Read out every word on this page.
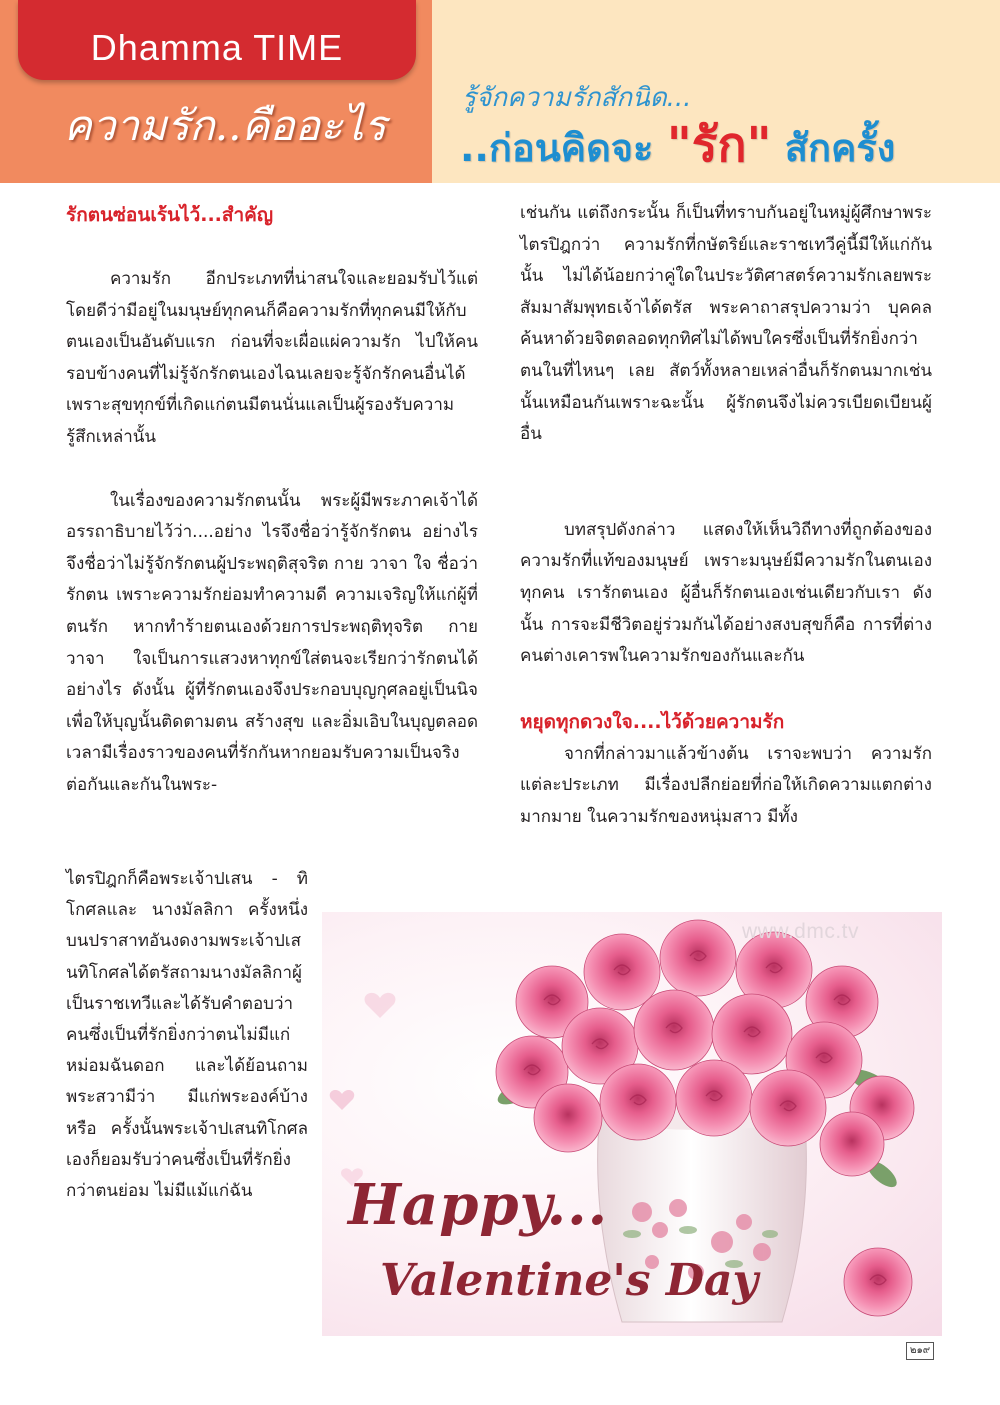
Dhamma TIME
ความรัก..คืออะไร
รู้จักความรักสักนิด...
..ก่อนคิดจะ "รัก" สักครั้ง

รักตนซ่อนเร้นไว้...สำคัญ

ความรัก อีกประเภทที่น่าสนใจและยอมรับไว้แต่โดยดีว่ามีอยู่ในมนุษย์ทุกคนก็คือความรักที่ทุกคนมีให้กับตนเองเป็นอันดับแรก ก่อนที่จะเผื่อแผ่ความรัก ไปให้คนรอบข้างคนที่ไม่รู้จักรักตนเองไฉนเลยจะรู้จักรักคนอื่นได้ เพราะสุขทุกข์ที่เกิดแก่ตนมีตนนั่นแลเป็นผู้รองรับความรู้สึกเหล่านั้น

ในเรื่องของความรักตนนั้น พระผู้มีพระภาคเจ้าได้อรรถาธิบายไว้ว่า....อย่าง ไรจึงชื่อว่ารู้จักรักตน อย่างไรจึงชื่อว่าไม่รู้จักรักตนผู้ประพฤติสุจริต กาย วาจา ใจ ชื่อว่ารักตน เพราะความรักย่อมทำความดี ความเจริญให้แก่ผู้ที่ตนรัก หากทำร้ายตนเองด้วยการประพฤติทุจริต กาย วาจา ใจเป็นการแสวงหาทุกข์ใส่ตนจะเรียกว่ารักตนได้อย่างไร ดังนั้น ผู้ที่รักตนเองจึงประกอบบุญกุศลอยู่เป็นนิจเพื่อให้บุญนั้นติดตามตน สร้างสุข และอิ่มเอิบในบุญตลอดเวลามีเรื่องราวของคนที่รักกันหากยอมรับความเป็นจริงต่อกันและกันในพระ-

ไตรปิฎกก็คือพระเจ้าปเสน - ทิโกศลและ นางมัลลิกา ครั้งหนึ่งบนปราสาทอันงดงามพระเจ้าปเสนทิโกศลได้ตรัสถามนางมัลลิกาผู้เป็นราชเทวีและได้รับคำตอบว่าคนซึ่งเป็นที่รักยิ่งกว่าตนไม่มีแก่หม่อมฉันดอก และได้ย้อนถามพระสวามีว่า มีแก่พระองค์บ้างหรือ ครั้งนั้นพระเจ้าปเสนทิโกศลเองก็ยอมรับว่าคนซึ่งเป็นที่รักยิ่งกว่าตนย่อม ไม่มีแม้แก่ฉัน

เช่นกัน แต่ถึงกระนั้น ก็เป็นที่ทราบกันอยู่ในหมู่ผู้ศึกษาพระไตรปิฎกว่า ความรักที่กษัตริย์และราชเทวีคู่นี้มีให้แก่กันนั้น ไม่ได้น้อยกว่าคู่ใดในประวัติศาสตร์ความรักเลยพระสัมมาสัมพุทธเจ้าได้ตรัส พระคาถาสรุปความว่า บุคคลค้นหาด้วยจิตตลอดทุกทิศไม่ได้พบใครซึ่งเป็นที่รักยิ่งกว่าตนในที่ไหนๆ เลย สัตว์ทั้งหลายเหล่าอื่นก็รักตนมากเช่นนั้นเหมือนกันเพราะฉะนั้น ผู้รักตนจึงไม่ควรเบียดเบียนผู้อื่น

บทสรุปดังกล่าว แสดงให้เห็นวิถีทางที่ถูกต้องของความรักที่แท้ของมนุษย์ เพราะมนุษย์มีความรักในตนเองทุกคน เรารักตนเอง ผู้อื่นก็รักตนเองเช่นเดียวกับเรา ดังนั้น การจะมีชีวิตอยู่ร่วมกันได้อย่างสงบสุขก็คือ การที่ต่างคนต่างเคารพในความรักของกันและกัน

หยุดทุกดวงใจ....ไว้ด้วยความรัก

จากที่กล่าวมาแล้วข้างต้น เราจะพบว่า ความรักแต่ละประเภท มีเรื่องปลีกย่อยที่ก่อให้เกิดความแตกต่างมากมาย ในความรักของหนุ่มสาว มีทั้ง

www.dmc.tv
Happy...
Valentine's Day
๒๑๙
